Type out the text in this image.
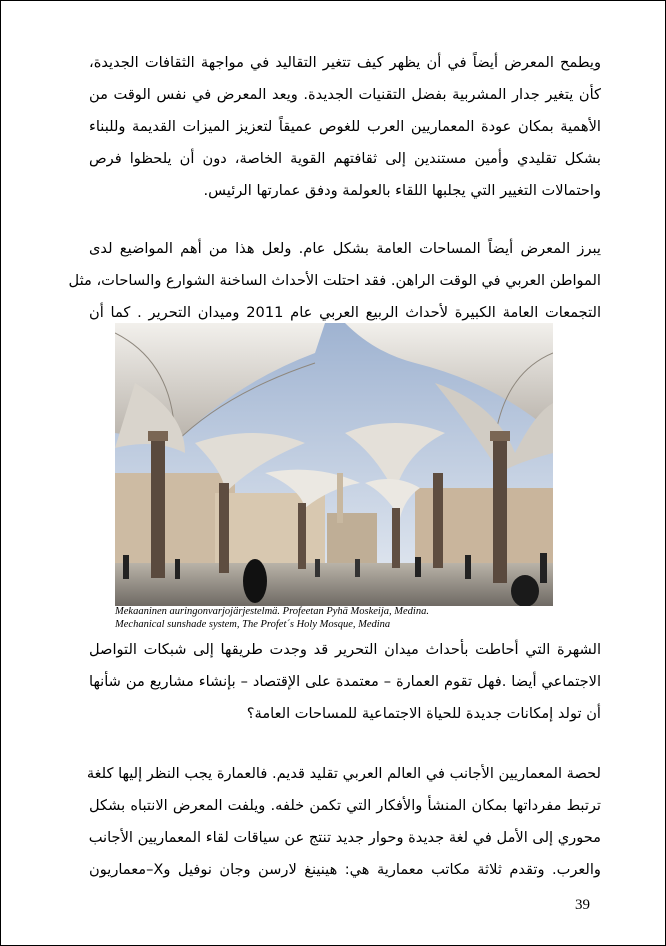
ويطمح المعرض أيضاً في أن يظهر كيف تتغير التقاليد في مواجهة الثقافات الجديدة،
كأن يتغير جدار المشربية بفضل التقنيات الجديدة. ويعد المعرض في نفس الوقت من
الأهمية بمكان عودة المعماريين العرب للغوص عميقاً لتعزيز الميزات القديمة وللبناء
بشكل تقليدي وأمين مستندين إلى ثقافتهم القوية الخاصة، دون أن يلحظوا فرص
واحتمالات التغيير التي يجلبها اللقاء بالعولمة ودفق عمارتها الرئيس.
يبرز المعرض أيضاً المساحات العامة بشكل عام. ولعل هذا من أهم المواضيع لدى
المواطن العربي في الوقت الراهن. فقد احتلت الأحداث الساخنة الشوارع والساحات، مثل
التجمعات العامة الكبيرة لأحداث الربيع العربي عام 2011 وميدان التحرير . كما أن
Mekaaninen auringonvarjojärjestelmä. Profeetan Pyhä Moskeija, Medina.
Mechanical sunshade system, The Profet´s Holy Mosque, Medina
الشهرة التي أحاطت بأحداث ميدان التحرير قد وجدت طريقها إلى شبكات التواصل
الاجتماعي أيضا .فهل تقوم العمارة – معتمدة على الإقتصاد – بإنشاء مشاريع من شأنها
أن تولد إمكانات جديدة للحياة الاجتماعية للمساحات العامة؟
لحصة المعماريين الأجانب في العالم العربي تقليد قديم. فالعمارة يجب النظر إليها كلغة
ترتبط مفرداتها بمكان المنشأ والأفكار التي تكمن خلفه. ويلفت المعرض الانتباه بشكل
محوري إلى الأمل في لغة جديدة وحوار جديد تنتج عن سياقات لقاء المعماريين الأجانب
والعرب. وتقدم ثلاثة مكاتب معمارية هي: هينينغ لارسن وجان نوفيل وX–معماريون
39
